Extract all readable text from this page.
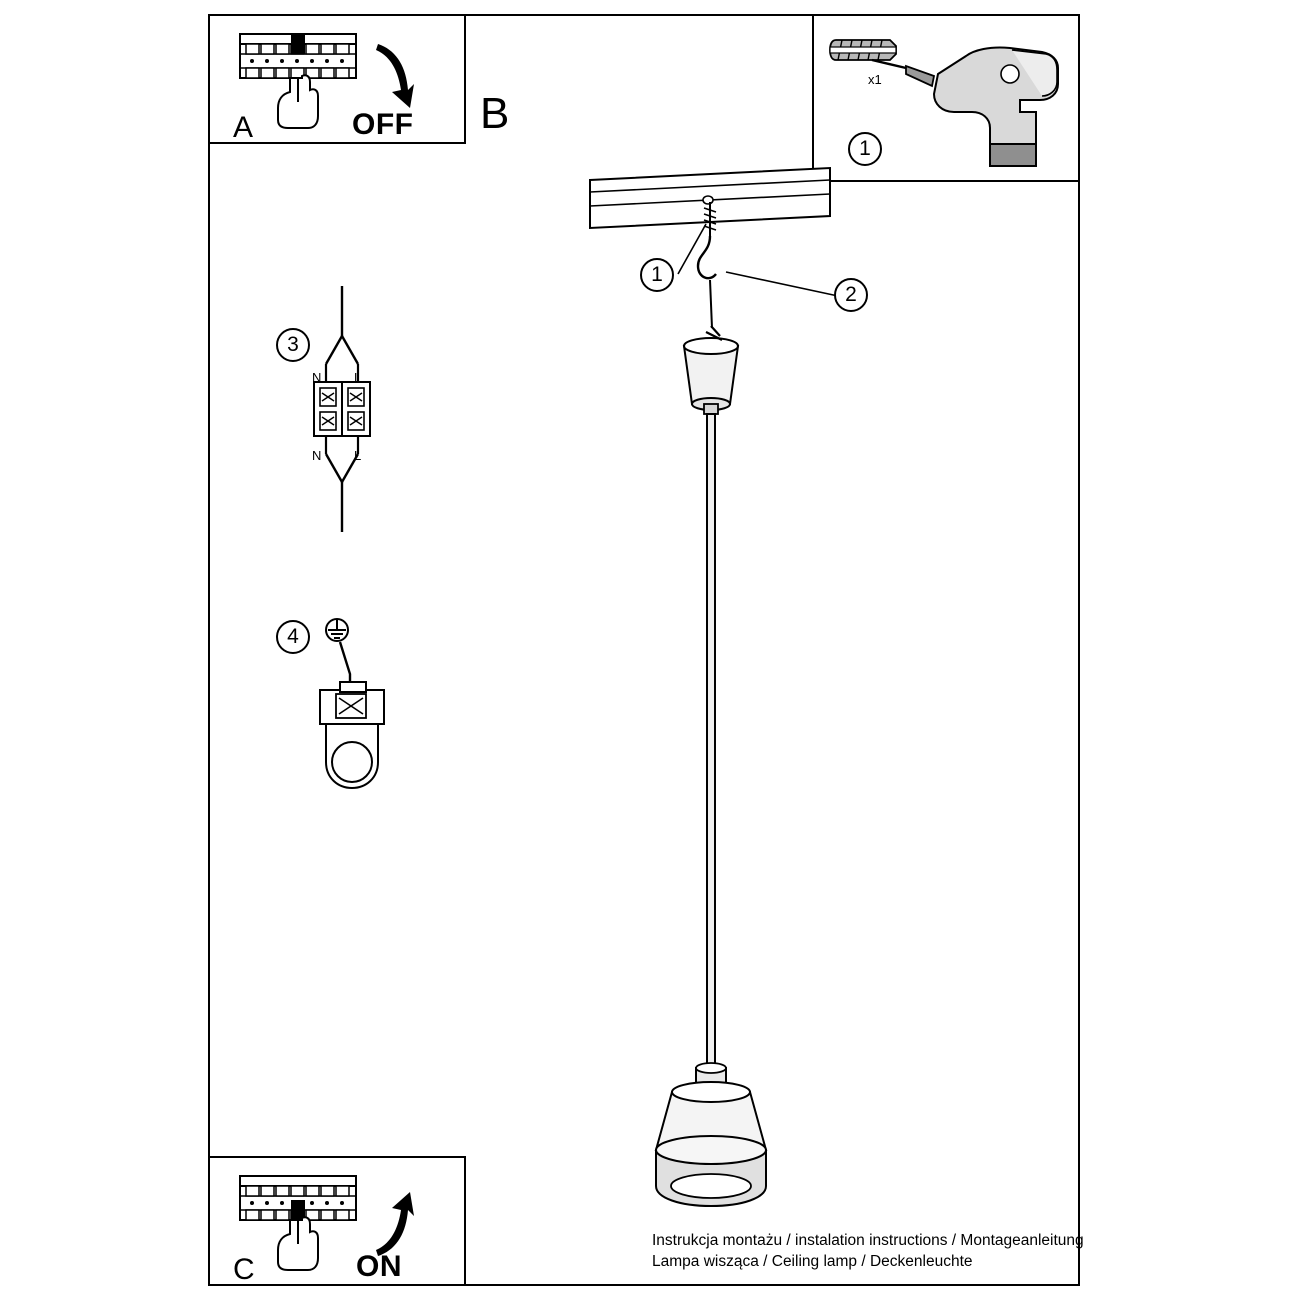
A	OFF B
x1
1
C	ON
N	L
N	L
3
4
1
2
Instrukcja montażu / instalation instructions / Montageanleitung
Lampa wisząca / Ceiling lamp / Deckenleuchte
